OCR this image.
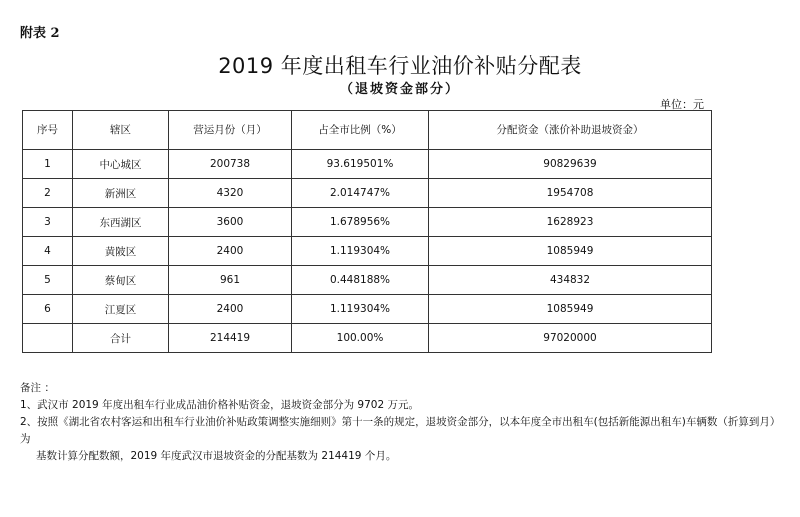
附表 2
2019 年度出租车行业油价补贴分配表
（退坡资金部分）
单位：元
序号	辖区	营运月份（月）	占全市比例（%）	分配资金（涨价补助退坡资金）
1	中心城区	200738	93.619501%	90829639
2	新洲区	4320	2.014747%	1954708
3	东西湖区	3600	1.678956%	1628923
4	黄陂区	2400	1.119304%	1085949
5	蔡甸区	961	0.448188%	434832
6	江夏区	2400	1.119304%	1085949
	合计	214419	100.00%	97020000

备注 ：

1、武汉市 2019 年度出租车行业成品油价格补贴资金，退坡资金部分为 9702 万元。

2、按照《湖北省农村客运和出租车行业油价补贴政策调整实施细则》第十一条的规定，退坡资金部分，以本年度全市出租车(包括新能源出租车)车辆数（折算到月）为

基数计算分配数额，2019 年度武汉市退坡资金的分配基数为 214419 个月。
